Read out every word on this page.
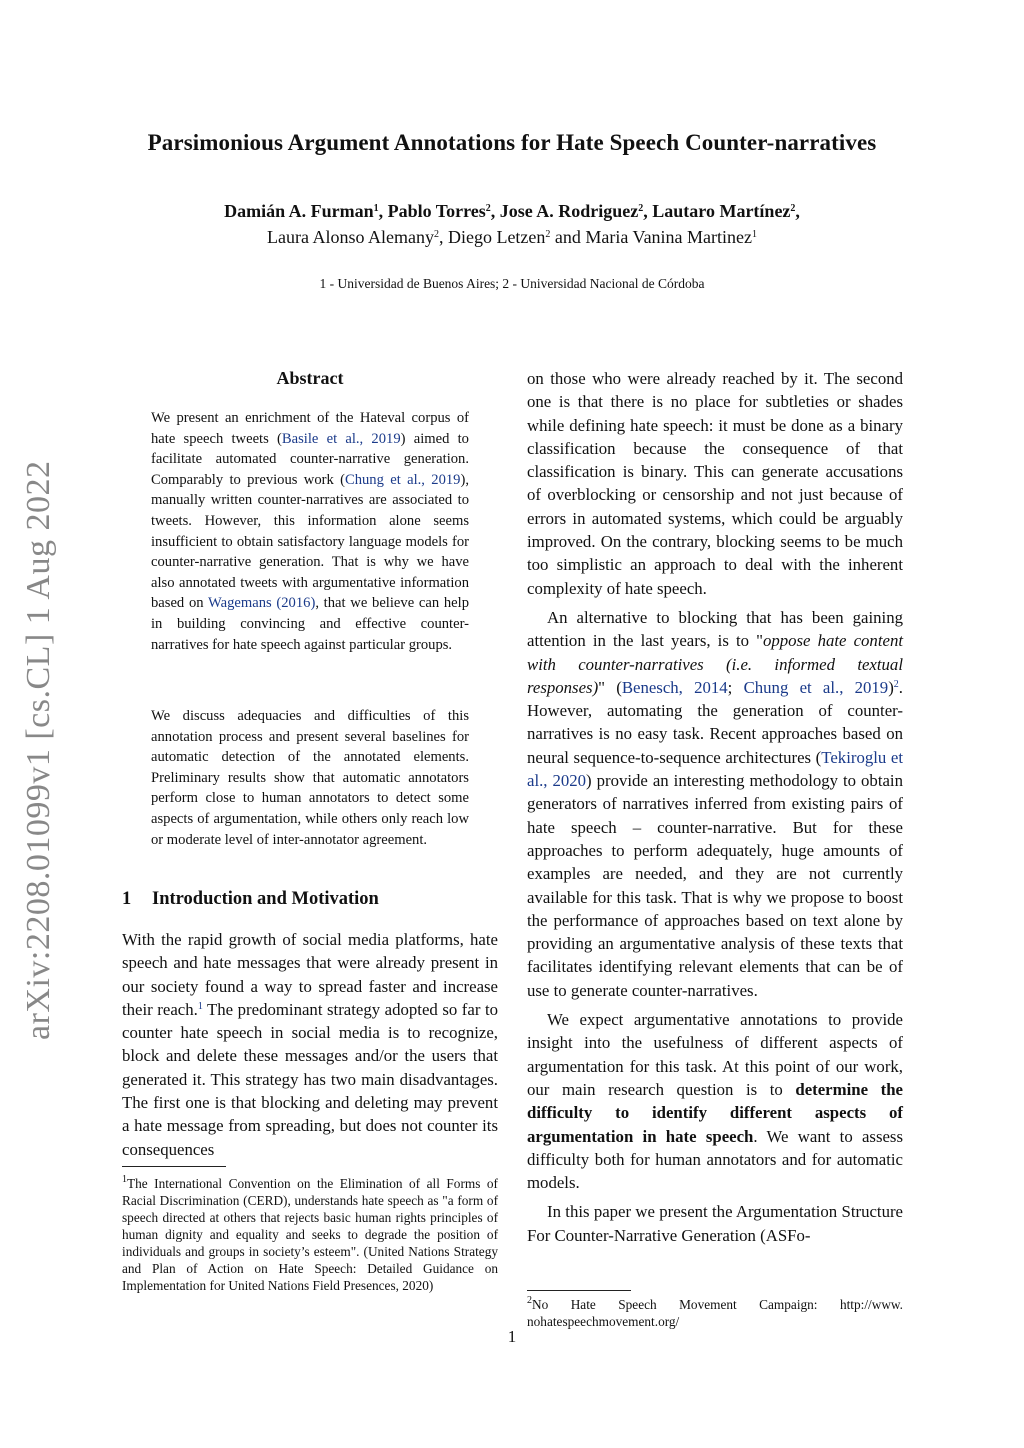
arXiv:2208.01099v1 [cs.CL] 1 Aug 2022
Parsimonious Argument Annotations for Hate Speech Counter-narratives
Damián A. Furman$^1$, Pablo Torres$^2$, Jose A. Rodriguez$^2$, Lautaro Martínez$^2$,
Laura Alonso Alemany$^2$, Diego Letzen$^2$ and Maria Vanina Martinez$^1$
1 - Universidad de Buenos Aires; 2 - Universidad Nacional de Córdoba
Abstract

We present an enrichment of the Hateval corpus of hate speech tweets (Basile et al., 2019) aimed to facilitate automated counter-narrative generation. Comparably to previous work (Chung et al., 2019), manually written counter-narratives are associated to tweets. However, this information alone seems insufficient to obtain satisfactory language models for counter-narrative generation. That is why we have also annotated tweets with argumentative information based on Wagemans (2016), that we believe can help in building convincing and effective counter-narratives for hate speech against particular groups.

We discuss adequacies and difficulties of this annotation process and present several baselines for automatic detection of the annotated elements. Preliminary results show that automatic annotators perform close to human annotators to detect some aspects of argumentation, while others only reach low or moderate level of inter-annotator agreement.

1 Introduction and Motivation

With the rapid growth of social media platforms, hate speech and hate messages that were already present in our society found a way to spread faster and increase their reach.$^1$ The predominant strategy adopted so far to counter hate speech in social media is to recognize, block and delete these messages and/or the users that generated it. This strategy has two main disadvantages. The first one is that blocking and deleting may prevent a hate message from spreading, but does not counter its consequences

$^1$The International Convention on the Elimination of all Forms of Racial Discrimination (CERD), understands hate speech as "a form of speech directed at others that rejects basic human rights principles of human dignity and equality and seeks to degrade the position of individuals and groups in society’s esteem". (United Nations Strategy and Plan of Action on Hate Speech: Detailed Guidance on Implementation for United Nations Field Presences, 2020)

on those who were already reached by it. The second one is that there is no place for subtleties or shades while defining hate speech: it must be done as a binary classification because the consequence of that classification is binary. This can generate accusations of overblocking or censorship and not just because of errors in automated systems, which could be arguably improved. On the contrary, blocking seems to be much too simplistic an approach to deal with the inherent complexity of hate speech.

An alternative to blocking that has been gaining attention in the last years, is to "oppose hate content with counter-narratives (i.e. informed textual responses)" (Benesch, 2014; Chung et al., 2019)$^2$. However, automating the generation of counter-narratives is no easy task. Recent approaches based on neural sequence-to-sequence architectures (Tekiroglu et al., 2020) provide an interesting methodology to obtain generators of narratives inferred from existing pairs of hate speech – counter-narrative. But for these approaches to perform adequately, huge amounts of examples are needed, and they are not currently available for this task. That is why we propose to boost the performance of approaches based on text alone by providing an argumentative analysis of these texts that facilitates identifying relevant elements that can be of use to generate counter-narratives.

We expect argumentative annotations to provide insight into the usefulness of different aspects of argumentation for this task. At this point of our work, our main research question is to determine the difficulty to identify different aspects of argumentation in hate speech. We want to assess difficulty both for human annotators and for automatic models.

In this paper we present the Argumentation Structure For Counter-Narrative Generation (ASFo-

$^2$No Hate Speech Movement Campaign: http://www. nohatespeechmovement.org/

1
